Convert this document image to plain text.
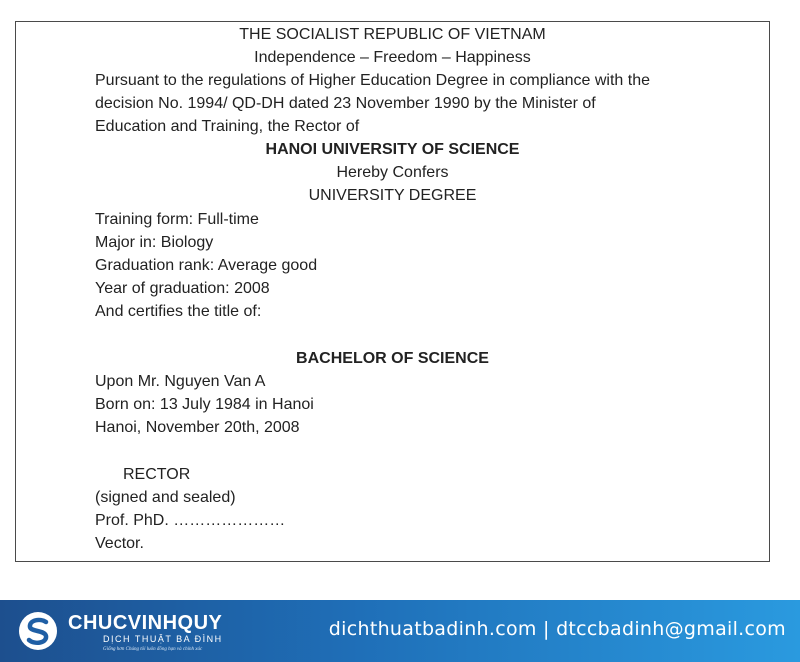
THE SOCIALIST REPUBLIC OF VIETNAM
Independence – Freedom – Happiness
Pursuant to the regulations of Higher Education Degree in compliance with the
decision No. 1994/ QD-DH dated 23 November 1990 by the Minister of
Education and Training, the Rector of
HANOI UNIVERSITY OF SCIENCE
Hereby Confers
UNIVERSITY DEGREE
Training form: Full-time
Major in: Biology
Graduation rank: Average good
Year of graduation: 2008
And certifies the title of:
BACHELOR OF SCIENCE
Upon Mr. Nguyen Van A
Born on: 13 July 1984 in Hanoi
Hanoi, November 20th, 2008
RECTOR
(signed and sealed)
Prof. PhD. …………………
Vector.
CHUCVINHQUY
DỊCH THUẬT BA ĐÌNH
Giống hơn Chúng tôi luôn đồng hạn và chính xác
dichthuatbadinh.com | dtccbadinh@gmail.com
